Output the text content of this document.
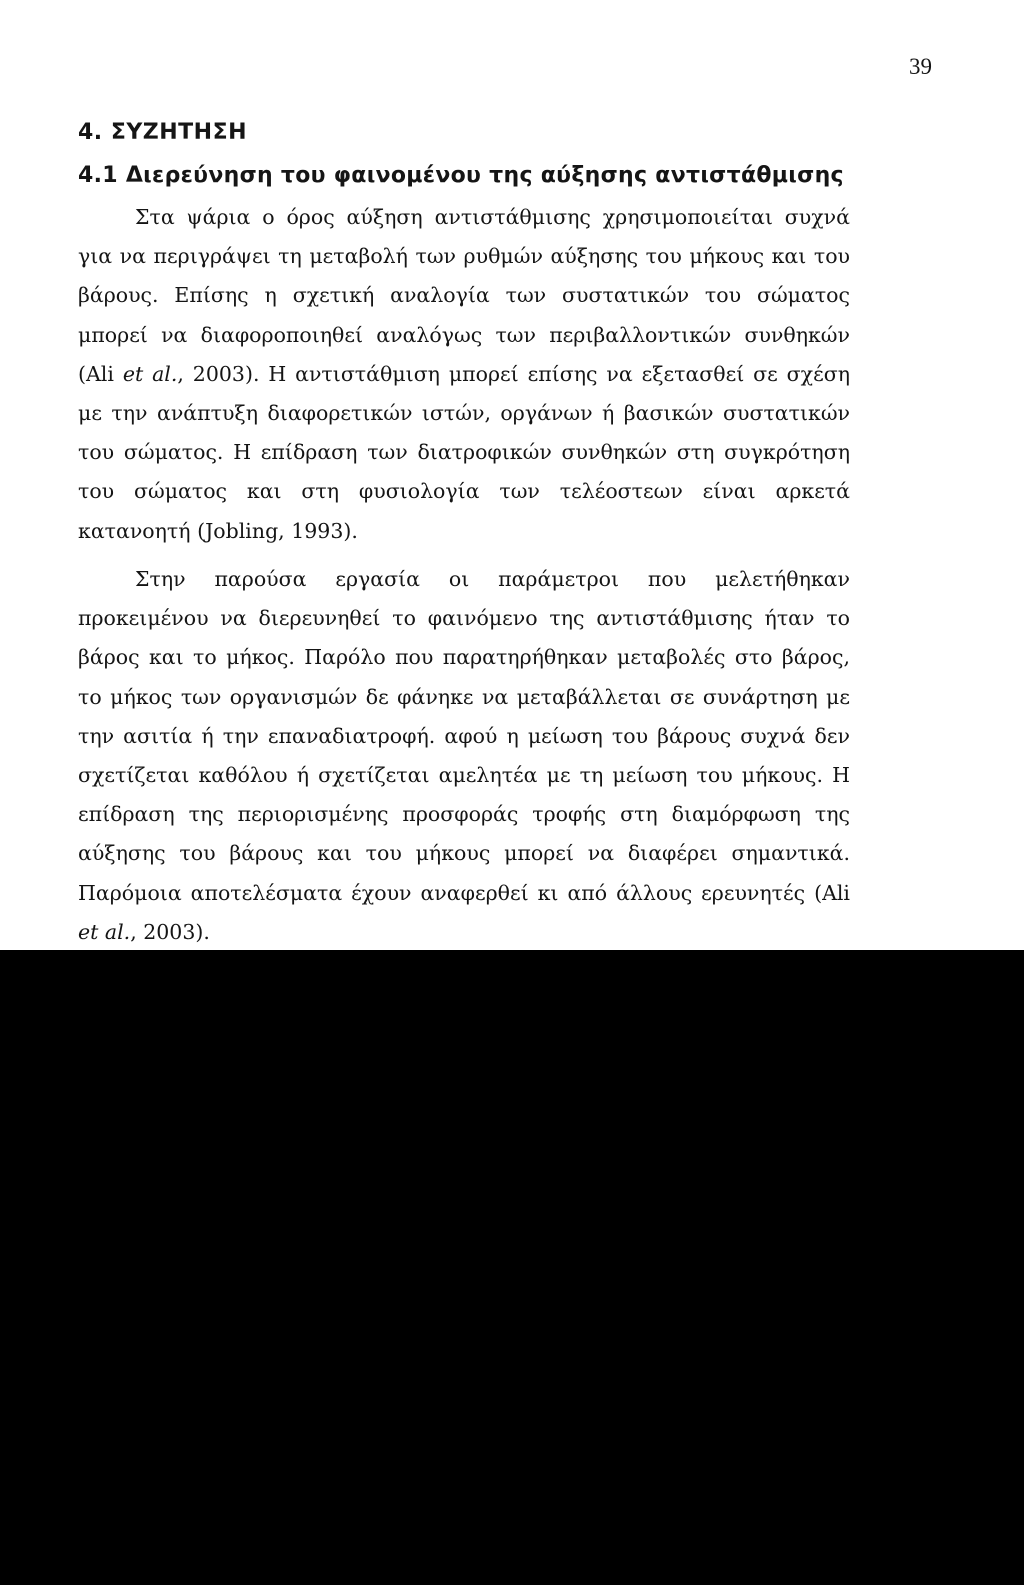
39
4. ΣΥΖΗΤΗΣΗ
4.1 Διερεύνηση του φαινομένου της αύξησης αντιστάθμισης

Στα ψάρια ο όρος αύξηση αντιστάθμισης χρησιμοποιείται συχνά για να περιγράψει τη μεταβολή των ρυθμών αύξησης του μήκους και του βάρους. Επίσης η σχετική αναλογία των συστατικών του σώματος μπορεί να διαφοροποιηθεί αναλόγως των περιβαλλοντικών συνθηκών (Ali et al., 2003). Η αντιστάθμιση μπορεί επίσης να εξετασθεί σε σχέση με την ανάπτυξη διαφορετικών ιστών, οργάνων ή βασικών συστατικών του σώματος. Η επίδραση των διατροφικών συνθηκών στη συγκρότηση του σώματος και στη φυσιολογία των τελέοστεων είναι αρκετά κατανοητή (Jobling, 1993).

Στην παρούσα εργασία οι παράμετροι που μελετήθηκαν προκειμένου να διερευνηθεί το φαινόμενο της αντιστάθμισης ήταν το βάρος και το μήκος. Παρόλο που παρατηρήθηκαν μεταβολές στο βάρος, το μήκος των οργανισμών δε φάνηκε να μεταβάλλεται σε συνάρτηση με την ασιτία ή την επαναδιατροφή. αφού η μείωση του βάρους συχνά δεν σχετίζεται καθόλου ή σχετίζεται αμελητέα με τη μείωση του μήκους. Η επίδραση της περιορισμένης προσφοράς τροφής στη διαμόρφωση της αύξησης του βάρους και του μήκους μπορεί να διαφέρει σημαντικά. Παρόμοια αποτελέσματα έχουν αναφερθεί κι από άλλους ερευνητές (Ali et al., 2003).
